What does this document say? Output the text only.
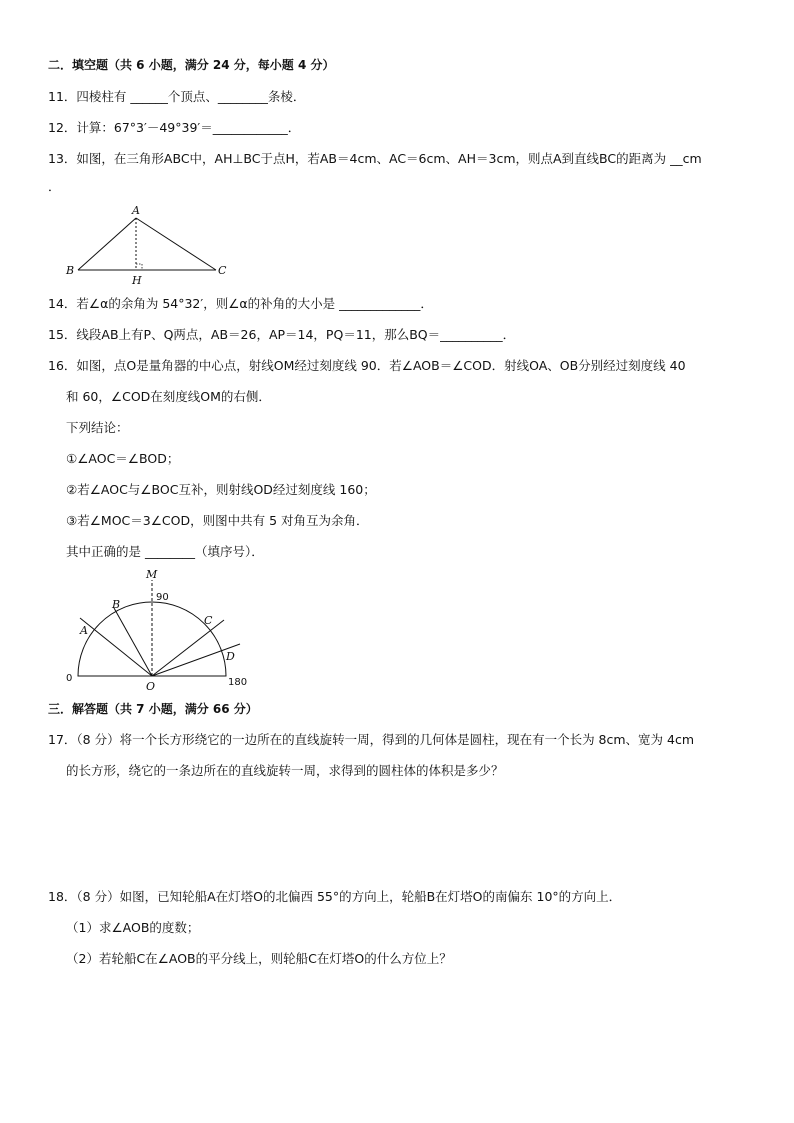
二．填空题（共 6 小题，满分 24 分，每小题 4 分）
11．四棱柱有 ______个顶点、________条棱．
12．计算：67°3′－49°39′＝____________．
13．如图，在三角形ABC中，AH⊥BC于点H，若AB＝4cm、AC＝6cm、AH＝3cm，则点A到直线BC的距离为 __cm
．
A
B	C
H
14．若∠α的余角为 54°32′，则∠α的补角的大小是 _____________．
15．线段AB上有P、Q两点，AB＝26，AP＝14，PQ＝11，那么BQ＝__________．
16．如图，点O是量角器的中心点，射线OM经过刻度线 90．若∠AOB＝∠COD．射线OA、OB分别经过刻度线 40
和 60，∠COD在刻度线OM的右侧．
下列结论：
①∠AOC＝∠BOD；
②若∠AOC与∠BOC互补，则射线OD经过刻度线 160；
③若∠MOC＝3∠COD，则图中共有 5 对角互为余角．
其中正确的是 ________（填序号）．
M
B
A
C
D
O
0
90
180
三．解答题（共 7 小题，满分 66 分）
17．（8 分）将一个长方形绕它的一边所在的直线旋转一周，得到的几何体是圆柱，现在有一个长为 8cm、宽为 4cm
的长方形，绕它的一条边所在的直线旋转一周，求得到的圆柱体的体积是多少？
18．（8 分）如图，已知轮船A在灯塔O的北偏西 55°的方向上，轮船B在灯塔O的南偏东 10°的方向上．
（1）求∠AOB的度数；
（2）若轮船C在∠AOB的平分线上，则轮船C在灯塔O的什么方位上？
